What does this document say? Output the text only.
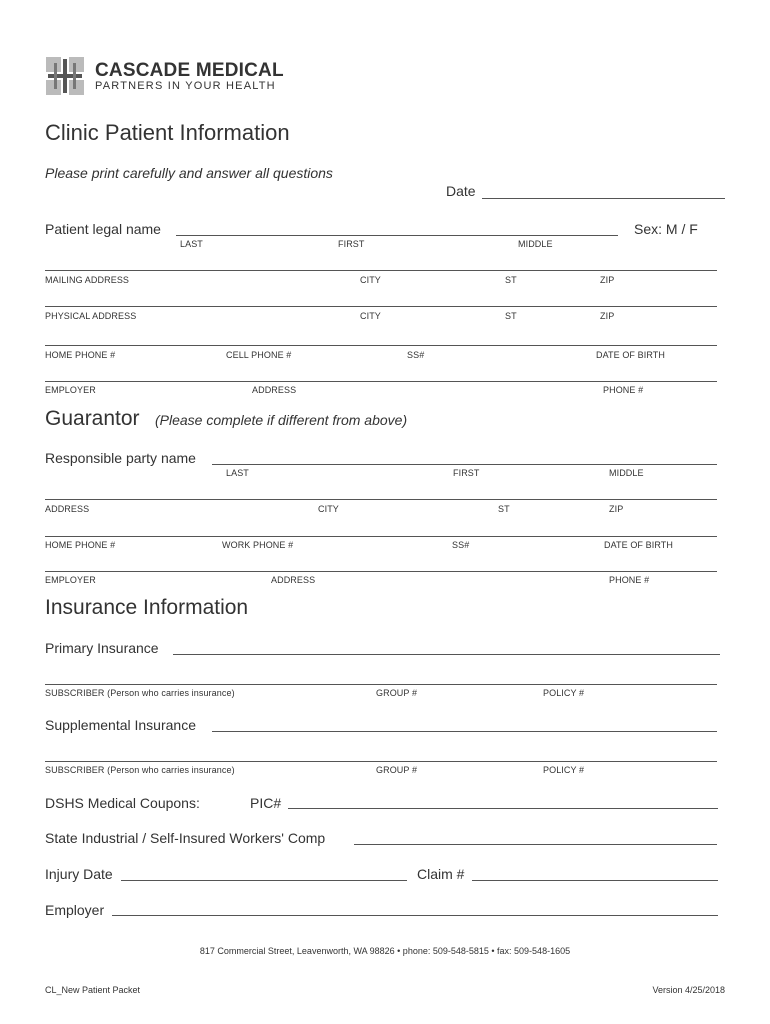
CASCADE MEDICAL
PARTNERS IN YOUR HEALTH
Clinic Patient Information
Please print carefully and answer all questions
Date
Patient legal name	Sex: M / F
LAST	FIRST	MIDDLE
MAILING ADDRESS	CITY	ST	ZIP
PHYSICAL ADDRESS	CITY	ST	ZIP
HOME PHONE #	CELL PHONE #	SS#	DATE OF BIRTH
EMPLOYER	ADDRESS	PHONE #
Guarantor (Please complete if different from above)
Responsible party name
LAST	FIRST	MIDDLE
ADDRESS	CITY	ST	ZIP
HOME PHONE #	WORK PHONE #	SS#	DATE OF BIRTH
EMPLOYER	ADDRESS	PHONE #
Insurance Information
Primary Insurance
SUBSCRIBER (Person who carries insurance)	GROUP #	POLICY #
Supplemental Insurance
SUBSCRIBER (Person who carries insurance)	GROUP #	POLICY #
DSHS Medical Coupons:	PIC#
State Industrial / Self-Insured Workers' Comp
Injury Date	Claim #
Employer
817 Commercial Street, Leavenworth, WA 98826 • phone: 509-548-5815 • fax: 509-548-1605
CL_New Patient Packet	Version 4/25/2018
